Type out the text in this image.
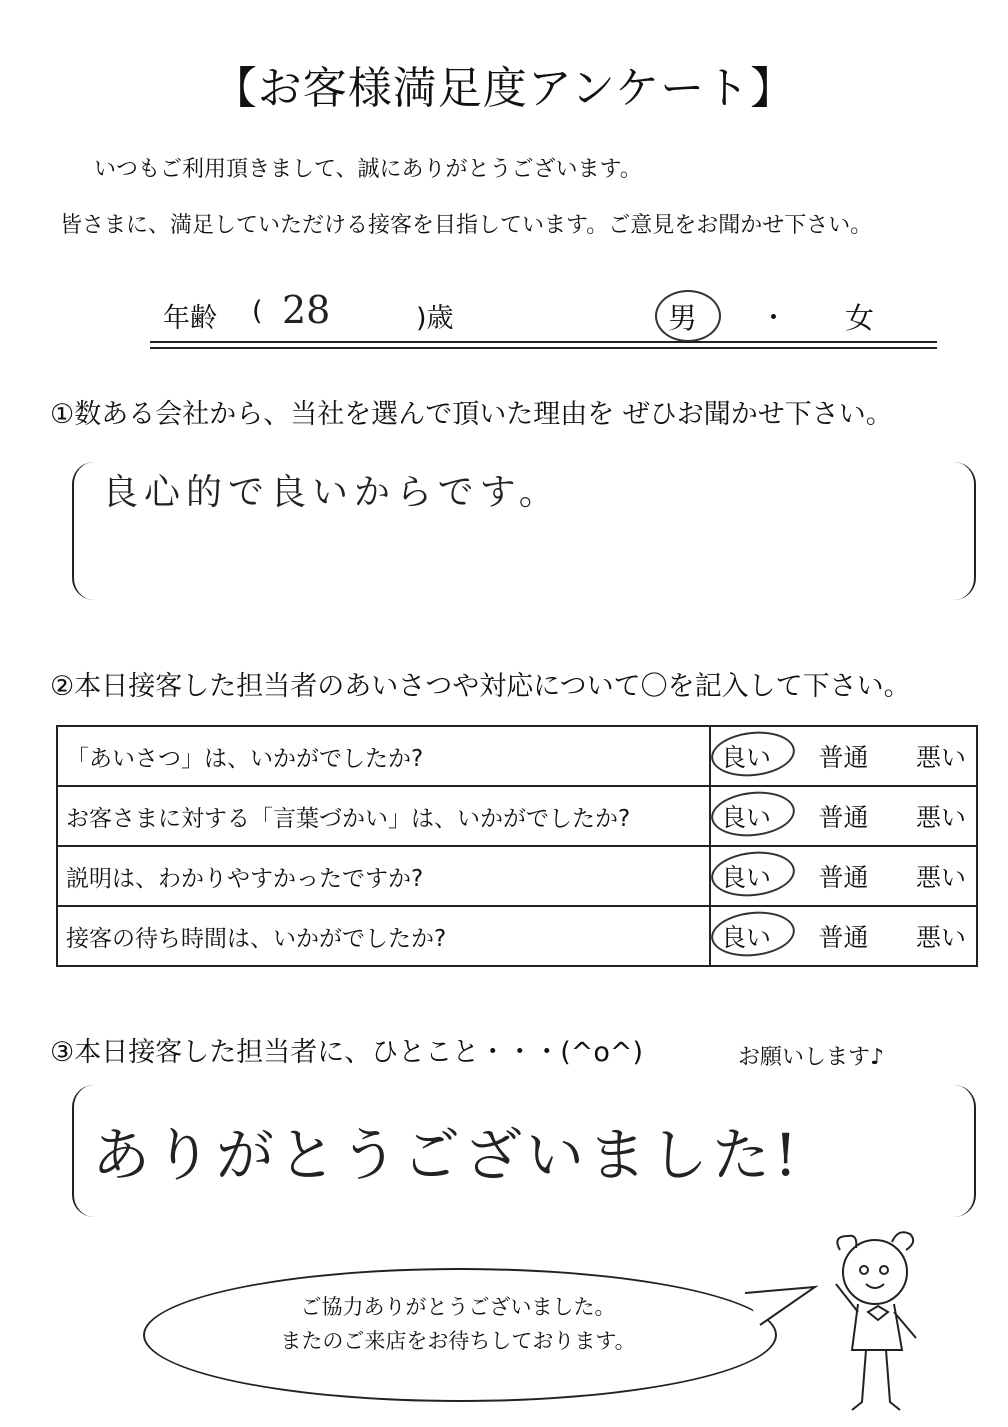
【お客様満足度アンケート】
いつもご利用頂きまして、誠にありがとうございます。
皆さまに、満足していただける接客を目指しています。ご意見をお聞かせ下さい。
年齢 ( 28	)歳	男 ・ 女
①数ある会社から、当社を選んで頂いた理由を ぜひお聞かせ下さい。
良心的で良いからです。
②本日接客した担当者のあいさつや対応について〇を記入して下さい。
「あいさつ」は、いかがでしたか?	良い 普通 悪い

お客さまに対する「言葉づかい」は、いかがでしたか?	良い 普通 悪い

説明は、わかりやすかったですか?	良い 普通 悪い

接客の待ち時間は、いかがでしたか?	良い 普通 悪い
③本日接客した担当者に、ひとこと・・・(^o^)	お願いします♪
ありがとうございました!
ご協力ありがとうございました。
またのご来店をお待ちしております。
